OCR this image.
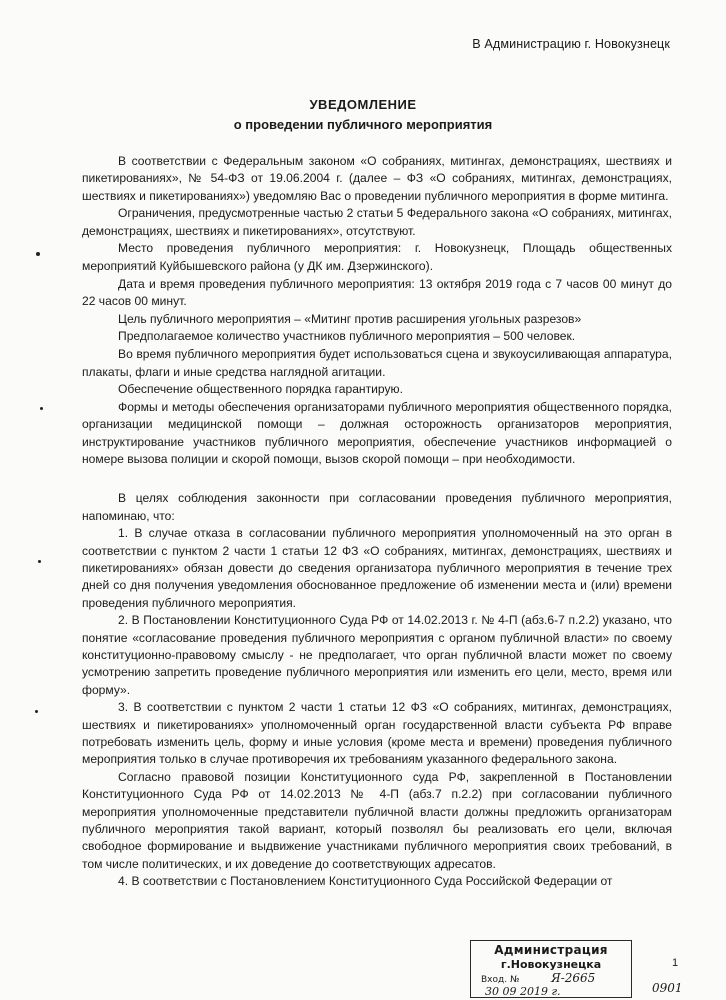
В Администрацию г. Новокузнецк
УВЕДОМЛЕНИЕ
о проведении публичного мероприятия

В соответствии с Федеральным законом «О собраниях, митингах, демонстрациях, шествиях и пикетированиях», № 54-ФЗ от 19.06.2004 г. (далее – ФЗ «О собраниях, митингах, демонстрациях, шествиях и пикетированиях») уведомляю Вас о проведении публичного мероприятия в форме митинга.

Ограничения, предусмотренные частью 2 статьи 5 Федерального закона «О собраниях, митингах, демонстрациях, шествиях и пикетированиях», отсутствуют.

Место проведения публичного мероприятия: г. Новокузнецк, Площадь общественных мероприятий Куйбышевского района (у ДК им. Дзержинского).

Дата и время проведения публичного мероприятия: 13 октября 2019 года с 7 часов 00 минут до 22 часов 00 минут.

Цель публичного мероприятия – «Митинг против расширения угольных разрезов»

Предполагаемое количество участников публичного мероприятия – 500 человек.

Во время публичного мероприятия будет использоваться сцена и звукоусиливающая аппаратура, плакаты, флаги и иные средства наглядной агитации.

Обеспечение общественного порядка гарантирую.

Формы и методы обеспечения организаторами публичного мероприятия общественного порядка, организации медицинской помощи – должная осторожность организаторов мероприятия, инструктирование участников публичного мероприятия, обеспечение участников информацией о номере вызова полиции и скорой помощи, вызов скорой помощи – при необходимости.

В целях соблюдения законности при согласовании проведения публичного мероприятия, напоминаю, что:

1. В случае отказа в согласовании публичного мероприятия уполномоченный на это орган в соответствии с пунктом 2 части 1 статьи 12 ФЗ «О собраниях, митингах, демонстрациях, шествиях и пикетированиях» обязан довести до сведения организатора публичного мероприятия в течение трех дней со дня получения уведомления обоснованное предложение об изменении места и (или) времени проведения публичного мероприятия.

2. В Постановлении Конституционного Суда РФ от 14.02.2013 г. № 4-П (абз.6-7 п.2.2) указано, что понятие «согласование проведения публичного мероприятия с органом публичной власти» по своему конституционно-правовому смыслу - не предполагает, что орган публичной власти может по своему усмотрению запретить проведение публичного мероприятия или изменить его цели, место, время или форму».

3. В соответствии с пунктом 2 части 1 статьи 12 ФЗ «О собраниях, митингах, демонстрациях, шествиях и пикетированиях» уполномоченный орган государственной власти субъекта РФ вправе потребовать изменить цель, форму и иные условия (кроме места и времени) проведения публичного мероприятия только в случае противоречия их требованиям указанного федерального закона.

Согласно правовой позиции Конституционного суда РФ, закрепленной в Постановлении Конституционного Суда РФ от 14.02.2013 № 4-П (абз.7 п.2.2) при согласовании публичного мероприятия уполномоченные представители публичной власти должны предложить организаторам публичного мероприятия такой вариант, который позволял бы реализовать его цели, включая свободное формирование и выдвижение участниками публичного мероприятия своих требований, в том числе политических, и их доведение до соответствующих адресатов.

4. В соответствии с Постановлением Конституционного Суда Российской Федерации от

Администрация
г.Новокузнецка
Вход. №	Я-2665
30 09 2019 г.	0901
1
